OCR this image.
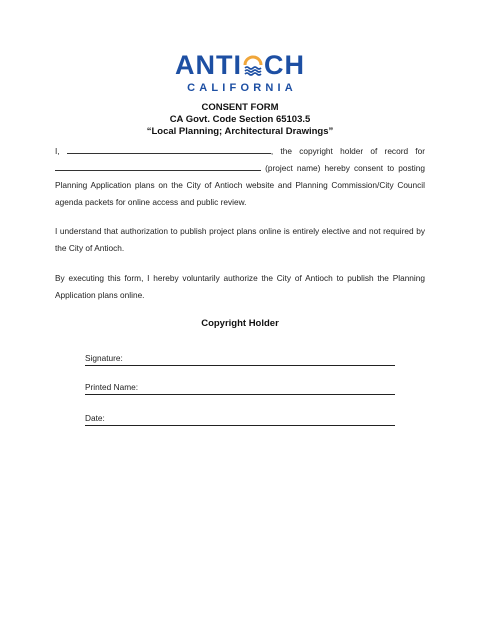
ANTI CH
CALIFORNIA
CONSENT FORM
CA Govt. Code Section 65103.5
“Local Planning; Architectural Drawings”
I,	, the copyright holder of record for  (project name) hereby consent to posting Planning Application plans on the City of Antioch website and Planning Commission/City Council agenda packets for online access and public review.
I understand that authorization to publish project plans online is entirely elective and not required by the City of Antioch.
By executing this form, I hereby voluntarily authorize the City of Antioch to publish the Planning Application plans online.
Copyright Holder
Signature:
Printed Name:
Date:
